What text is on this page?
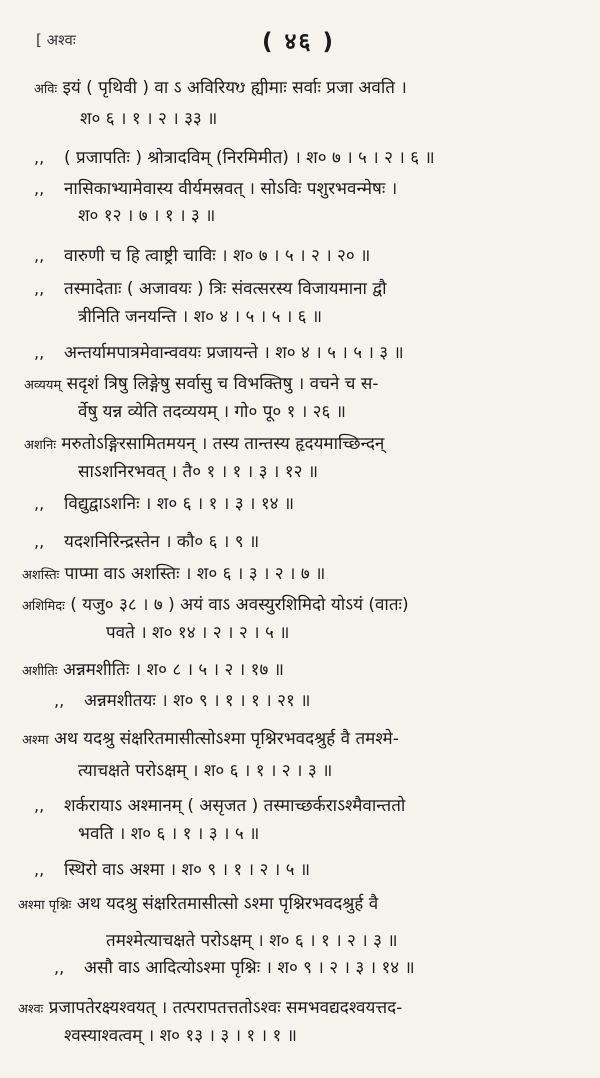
[ अश्वः	( ४६ )
अविः इयं ( पृथिवी ) वा ऽ अविरियᳪ ह्यीमाः सर्वाः प्रजा अवति ।
श० ६ । १ । २ । ३३ ॥
,, ( प्रजापतिः ) श्रोत्रादविम् (निरमिमीत) । श० ७ । ५ । २ । ६ ॥
,, नासिकाभ्यामेवास्य वीर्यमस्रवत् । सोऽविः पशुरभवन्मेषः ।
श० १२ । ७ । १ । ३ ॥
,, वारुणी च हि त्वाष्ट्री चाविः । श० ७ । ५ । २ । २० ॥
,, तस्मादेताः ( अजावयः ) त्रिः संवत्सरस्य विजायमाना द्वौ
त्रीनिति जनयन्ति । श० ४ । ५ । ५ । ६ ॥
,, अन्तर्यामपात्रमेवान्ववयः प्रजायन्ते । श० ४ । ५ । ५ । ३ ॥
अव्ययम् सदृशं त्रिषु लिङ्गेषु सर्वासु च विभक्तिषु । वचने च स-
र्वेषु यन्न व्येति तदव्ययम् । गो० पू० १ । २६ ॥
अशनिः मरुतोऽङ्गिरसामितमयन् । तस्य तान्तस्य हृदयमाच्छिन्दन्
साऽशनिरभवत् । तै० १ । १ । ३ । १२ ॥
,, विद्युद्वाऽशनिः । श० ६ । १ । ३ । १४ ॥
,, यदशनिरिन्द्रस्तेन । कौ० ६ । ९ ॥
अशस्तिः पाप्मा वाऽ अशस्तिः । श० ६ । ३ । २ । ७ ॥
अशिमिदः ( यजु० ३८ । ७ ) अयं वाऽ अवस्युरशिमिदो योऽयं (वातः)
पवते । श० १४ । २ । २ । ५ ॥
अशीतिः अन्नमशीतिः । श० ८ । ५ । २ । १७ ॥
,, अन्नमशीतयः । श० ९ । १ । १ । २१ ॥
अश्मा अथ यदश्रु संक्षरितमासीत्सोऽश्मा पृश्निरभवदश्रुर्ह वै तमश्मे-
त्याचक्षते परोऽक्षम् । श० ६ । १ । २ । ३ ॥
,, शर्करायाऽ अश्मानम् ( असृजत ) तस्माच्छर्कराऽश्मैवान्ततो
भवति । श० ६ । १ । ३ । ५ ॥
,, स्थिरो वाऽ अश्मा । श० ९ । १ । २ । ५ ॥
अश्मा पृश्निः अथ यदश्रु संक्षरितमासीत्सो ऽश्मा पृश्निरभवदश्रुर्ह वै
तमश्मेत्याचक्षते परोऽक्षम् । श० ६ । १ । २ । ३ ॥
,, असौ वाऽ आदित्योऽश्मा पृश्निः । श० ९ । २ । ३ । १४ ॥
अश्वः प्रजापतेरक्ष्यश्वयत् । तत्परापतत्ततोऽश्वः समभवद्यदश्वयत्तद-
श्वस्याश्वत्वम् । श० १३ । ३ । १ । १ ॥
